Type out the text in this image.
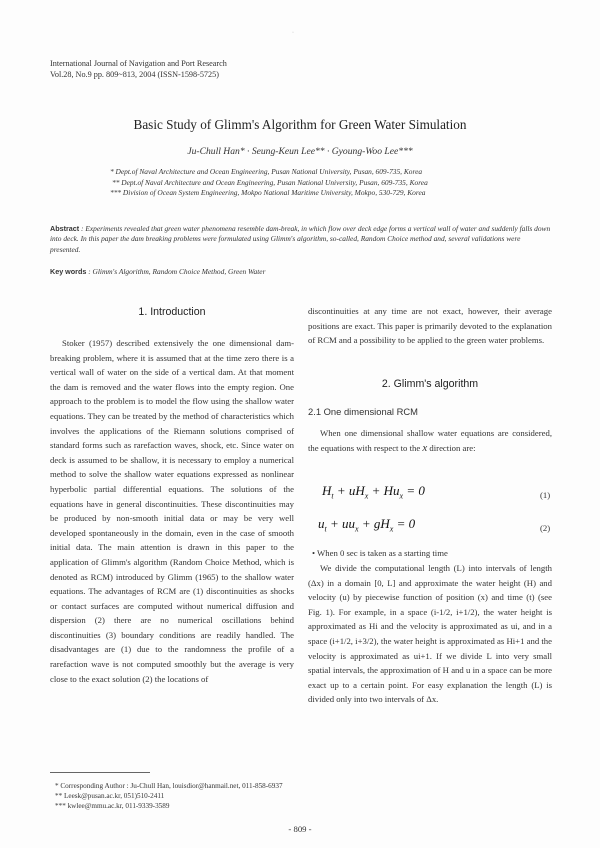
·
International Journal of Navigation and Port Research
Vol.28, No.9 pp. 809~813, 2004 (ISSN-1598-5725)
Basic Study of Glimm's Algorithm for Green Water Simulation
Ju-Chull Han* · Seung-Keun Lee** · Gyoung-Woo Lee***
* Dept.of Naval Architecture and Ocean Engineering, Pusan National University, Pusan, 609-735, Korea
** Dept.of Naval Architecture and Ocean Engineering, Pusan National University, Pusan, 609-735, Korea
*** Division of Ocean System Engineering, Mokpo National Maritime University, Mokpo, 530-729, Korea
Abstract : Experiments revealed that green water phenomena resemble dam-break, in which flow over deck edge forms a vertical wall of water and suddenly falls down into deck. In this paper the dam breaking problems were formulated using Glimm's algorithm, so-called, Random Choice method and, several validations were presented.
Key words : Glimm's Algorithm, Random Choice Method, Green Water
1. Introduction

Stoker (1957) described extensively the one dimensional dam-breaking problem, where it is assumed that at the time zero there is a vertical wall of water on the side of a vertical dam. At that moment the dam is removed and the water flows into the empty region. One approach to the problem is to model the flow using the shallow water equations. They can be treated by the method of characteristics which involves the applications of the Riemann solutions comprised of standard forms such as rarefaction waves, shock, etc. Since water on deck is assumed to be shallow, it is necessary to employ a numerical method to solve the shallow water equations expressed as nonlinear hyperbolic partial differential equations. The solutions of the equations have in general discontinuities. These discontinuities may be produced by non-smooth initial data or may be very well developed spontaneously in the domain, even in the case of smooth initial data. The main attention is drawn in this paper to the application of Glimm's algorithm (Random Choice Method, which is denoted as RCM) introduced by Glimm (1965) to the shallow water equations. The advantages of RCM are (1) discontinuities as shocks or contact surfaces are computed without numerical diffusion and dispersion (2) there are no numerical oscillations behind discontinuities (3) boundary conditions are readily handled. The disadvantages are (1) due to the randomness the profile of a rarefaction wave is not computed smoothly but the average is very close to the exact solution (2) the locations of

discontinuities at any time are not exact, however, their average positions are exact. This paper is primarily devoted to the explanation of RCM and a possibility to be applied to the green water problems.
2. Glimm's algorithm
2.1 One dimensional RCM

When one dimensional shallow water equations are considered, the equations with respect to the x direction are:

$H_t + uH_x + Hu_x = 0$	(1)
$u_t + uu_x + gH_x = 0$	(2)
• When 0 sec is taken as a starting time

We divide the computational length (L) into intervals of length (Δx) in a domain [0, L] and approximate the water height (H) and velocity (u) by piecewise function of position (x) and time (t) (see Fig. 1). For example, in a space (i-1/2, i+1/2), the water height is approximated as Hi and the velocity is approximated as ui, and in a space (i+1/2, i+3/2), the water height is approximated as Hi+1 and the velocity is approximated as ui+1. If we divide L into very small spatial intervals, the approximation of H and u in a space can be more exact up to a certain point. For easy explanation the length (L) is divided only into two intervals of Δx.

* Corresponding Author : Ju-Chull Han, louisdior@hanmail.net, 011-858-6937
** Leesk@pusan.ac.kr, 051)510-2411
*** kwlee@mmu.ac.kr, 011-9339-3589
- 809 -
